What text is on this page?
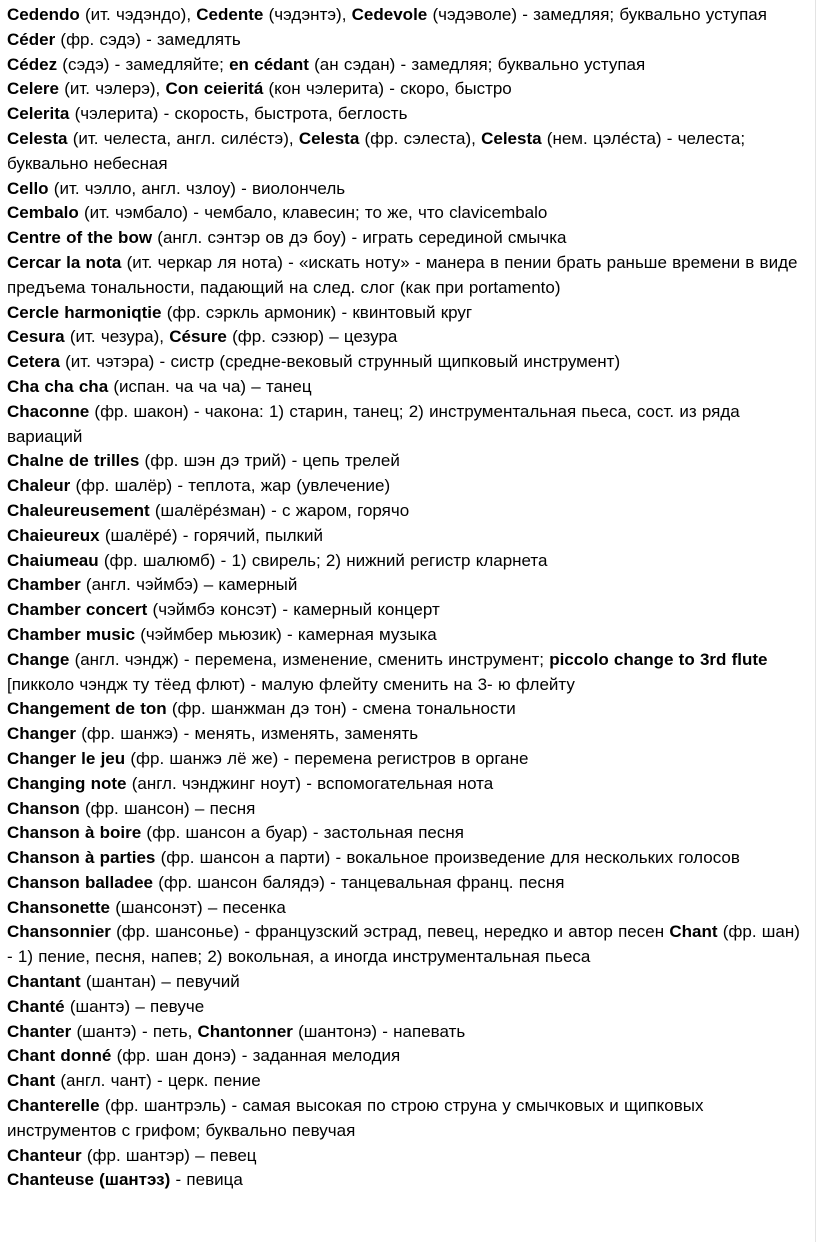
Cedendo (ит. чэдэндо), Cedente (чэдэнтэ), Cedevole (чэдэволе) - замедляя; буквально уступая

Céder (фр. сэдэ) - замедлять

Cédez (сэдэ) - замедляйте; en cédant (ан сэдан) - замедляя; буквально уступая

Celere (ит. чэлерэ), Con ceieritá (кон чэлерита) - скоро, быстро

Celerita (чэлерита) - скорость, быстрота, беглость

Celesta (ит. челеста, англ. силе́стэ), Celesta (фр. сэлеста), Celesta (нем. цэле́ста) - челеста; буквально небесная

Cello (ит. чэлло, англ. чзлоу) - виолончель

Cembalo (ит. чэмбало) - чембало, клавесин; то же, что clavicembalo

Centre of the bow (англ. сэнтэр ов дэ боу) - играть серединой смычка

Cercar la nota (ит. черкар ля нота) - «искать ноту» - манера в пении брать раньше времени в виде предъема тональности, падающий на след. слог (как при portamento)

Cercle harmoniqtie (фр. сэркль армоник) - квинтовый круг

Cesura (ит. чезура), Césure (фр. сэзюр) – цезура

Cetera (ит. чэтэра) - систр (средне-вековый струнный щипковый инструмент)

Cha cha cha (испан. ча ча ча) – танец

Chaconne (фр. шакон) - чакона: 1) старин, танец; 2) инструментальная пьеса, сост. из ряда вариаций

Chalne de trilles (фр. шэн дэ трий) - цепь трелей

Chaleur (фр. шалёр) - теплота, жар (увлечение)

Chaleureusement (шалёре́зман) - с жаром, горячо

Chaieureux (шалёре́) - горячий, пылкий

Chaiumeau (фр. шалюмб) - 1) свирель; 2) нижний регистр кларнета

Chamber (англ. чэймбэ) – камерный

Chamber concert (чэймбэ консэт) - камерный концерт

Chamber music (чэймбер мьюзик) - камерная музыка

Change (англ. чэндж) - перемена, изменение, сменить инструмент; piccolo change to 3rd flute [пикколо чэндж ту тёед флют) - малую флейту сменить на 3- ю флейту

Changement de ton (фр. шанжман дэ тон) - смена тональности

Changer (фр. шанжэ) - менять, изменять, заменять

Changer le jeu (фр. шанжэ лё же) - перемена регистров в органе

Changing note (англ. чэнджинг ноут) - вспомогательная нота

Chanson (фр. шансон) – песня

Chanson à boire (фр. шансон а буар) - застольная песня

Chanson à parties (фр. шансон а парти) - вокальное произведение для нескольких голосов

Chanson balladee (фр. шансон балядэ) - танцевальная франц. песня

Chansonette (шансонэт) – песенка

Chansonnier (фр. шансонье) - французский эстрад, певец, нередко и автор песен Chant (фр. шан) - 1) пение, песня, напев; 2) вокольная, а иногда инструментальная пьеса

Chantant (шантан) – певучий

Chanté (шантэ) – певуче

Chanter (шантэ) - петь, Chantonner (шантонэ) - напевать

Chant donné (фр. шан донэ) - заданная мелодия

Chant (англ. чант) - церк. пение

Chanterelle (фр. шантрэль) - самая высокая по строю струна у смычковых и щипковых инструментов с грифом; буквально певучая

Chanteur (фр. шантэр) – певец

Chanteuse (шантэз) - певица
